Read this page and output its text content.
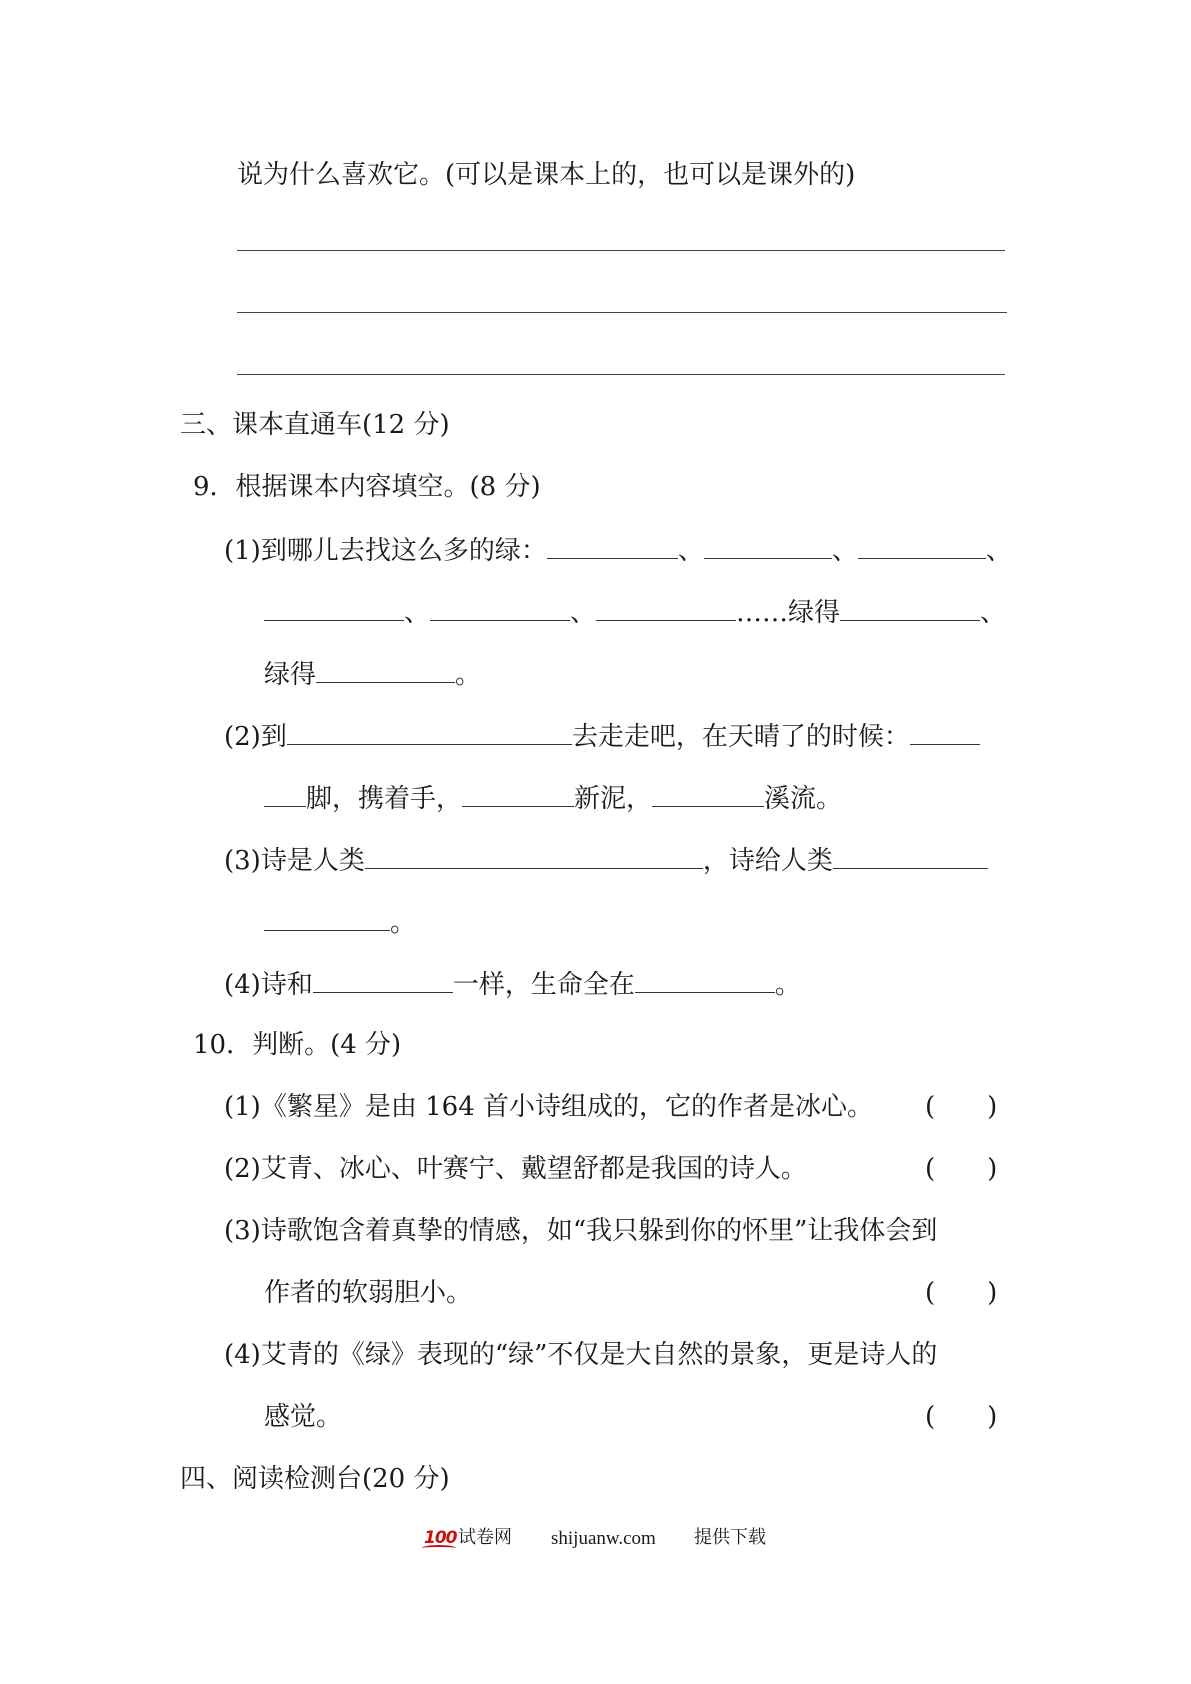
说为什么喜欢它。(可以是课本上的，也可以是课外的)
三、课本直通车(12 分)
9．根据课本内容填空。(8 分)
(1)到哪儿去找这么多的绿：	、	、	、
、	、	……绿得	、
绿得	。
(2)到	去走走吧，在天晴了的时候：
脚，携着手，	新泥，	溪流。
(3)诗是人类	，诗给人类
。
(4)诗和	一样，生命全在	。
10．判断。(4 分)
(1)《繁星》是由 164 首小诗组成的，它的作者是冰心。 (　　)
(2)艾青、冰心、叶赛宁、戴望舒都是我国的诗人。	(　　)
(3)诗歌饱含着真挚的情感，如“我只躲到你的怀里”让我体会到
作者的软弱胆小。	(　　)
(4)艾青的《绿》表现的“绿”不仅是大自然的景象，更是诗人的
感觉。	(　　)
四、阅读检测台(20 分)
100 试卷网 shijuanw.com 提供下载
